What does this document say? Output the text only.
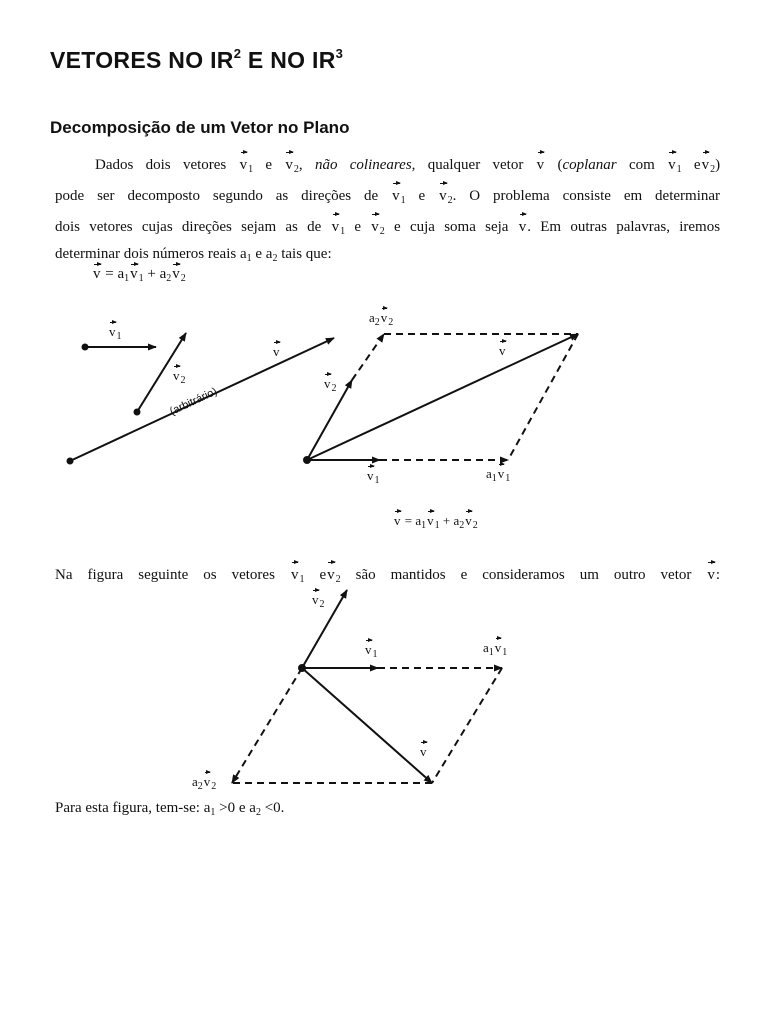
VETORES NO $IR^2$ E NO $IR^3$
Decomposição de um Vetor no Plano
Dados dois vetores $v_1$ e $v_2$, não colineares, qualquer vetor v (coplanar com $v_1$ $ev_2$)
pode ser decomposto segundo as direções de $v_1$ e $v_2$. O problema consiste em determinar
dois vetores cujas direções sejam as de $v_1$ e $v_2$ e cuja soma seja v. Em outras palavras, iremos
determinar dois números reais $a_1$ e $a_2$ tais que:
$v = a_1v_1 + a_2v_2$
$v_1$
$v_2$
v
(arbitrário)
$a_2v_2$
v
$v_2$
$v_1$	$a_1v_1$
$v = a_1v_1 + a_2v_2$
Na figura seguinte os vetores $v_1$ $ev_2$ são mantidos e consideramos um outro vetor v:
$v_2$
$v_1$	$a_1v_1$
v
$a_2v_2$
Para esta figura, tem-se: $a_1 >0$ e $a_2 <0$.
